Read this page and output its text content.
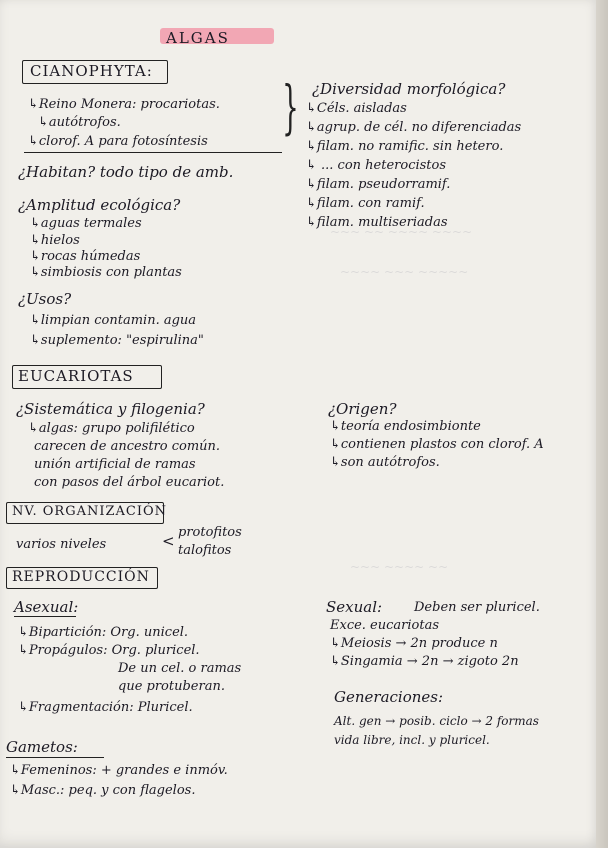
~~~ ~~ ~~~~ ~~~~
~~~~ ~~~ ~~~~~
~~~ ~~~~ ~~
ALGAS
CIANOPHYTA:
↳Reino Monera: procariotas.
↳autótrofos.
↳clorof. A para fotosíntesis
}
¿Habitan? todo tipo de amb.
¿Amplitud ecológica?
↳aguas termales
↳hielos
↳rocas húmedas
↳simbiosis con plantas
¿Usos?
↳limpian contamin. agua
↳suplemento: "espirulina"
¿Diversidad morfológica?
↳Céls. aisladas
↳agrup. de cél. no diferenciadas
↳filam. no ramific. sin hetero.
↳ ... con heterocistos
↳filam. pseudorramif.
↳filam. con ramif.
↳filam. multiseriadas
EUCARIOTAS
¿Sistemática y filogenia?
↳algas: grupo polifilético
carecen de ancestro común.
unión artificial de ramas
con pasos del árbol eucariot.
¿Origen?
↳teoría endosimbionte
↳contienen plastos con clorof. A
↳son autótrofos.
NV. ORGANIZACIÓN
varios niveles	< protofitos
talofitos
REPRODUCCIÓN
Asexual:
↳Bipartición: Org. unicel.
↳Propágulos: Org. pluricel.
De un cel. o ramas
que protuberan.
↳Fragmentación: Pluricel.
Sexual: Deben ser pluricel.
Exce. eucariotas
↳Meiosis → 2n produce n
↳Singamia → 2n → zigoto 2n
Generaciones:
Alt. gen → posib. ciclo → 2 formas
vida libre, incl. y pluricel.
Gametos:
↳Femeninos: + grandes e inmóv.
↳Masc.: peq. y con flagelos.
